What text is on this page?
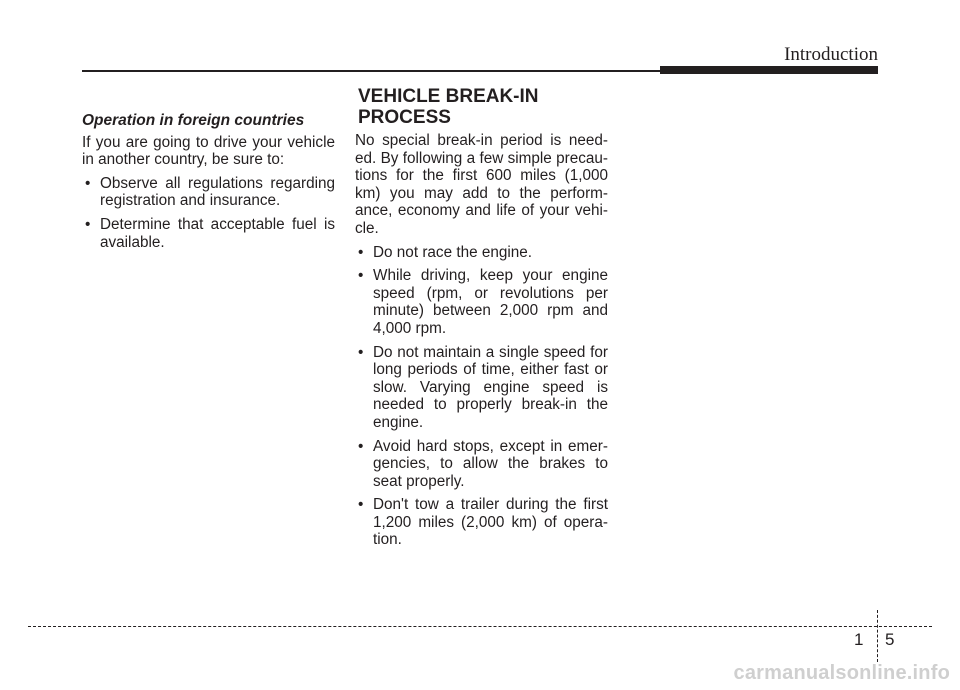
Introduction
Operation in foreign countries

If you are going to drive your vehicle in another country, be sure to:

• Observe all regulations regarding registration and insurance.
• Determine that acceptable fuel is available.
VEHICLE BREAK-IN
PROCESS

No special break-in period is need-ed. By following a few simple precau-tions for the first 600 miles (1,000 km) you may add to the perform-ance, economy and life of your vehi-cle.

• Do not race the engine.
• While driving, keep your engine speed (rpm, or revolutions per minute) between 2,000 rpm and 4,000 rpm.
• Do not maintain a single speed for long periods of time, either fast or slow. Varying engine speed is needed to properly break-in the engine.
• Avoid hard stops, except in emer-gencies, to allow the brakes to seat properly.
• Don't tow a trailer during the first 1,200 miles (2,000 km) of opera-tion.
1 5
carmanualsonline.info
